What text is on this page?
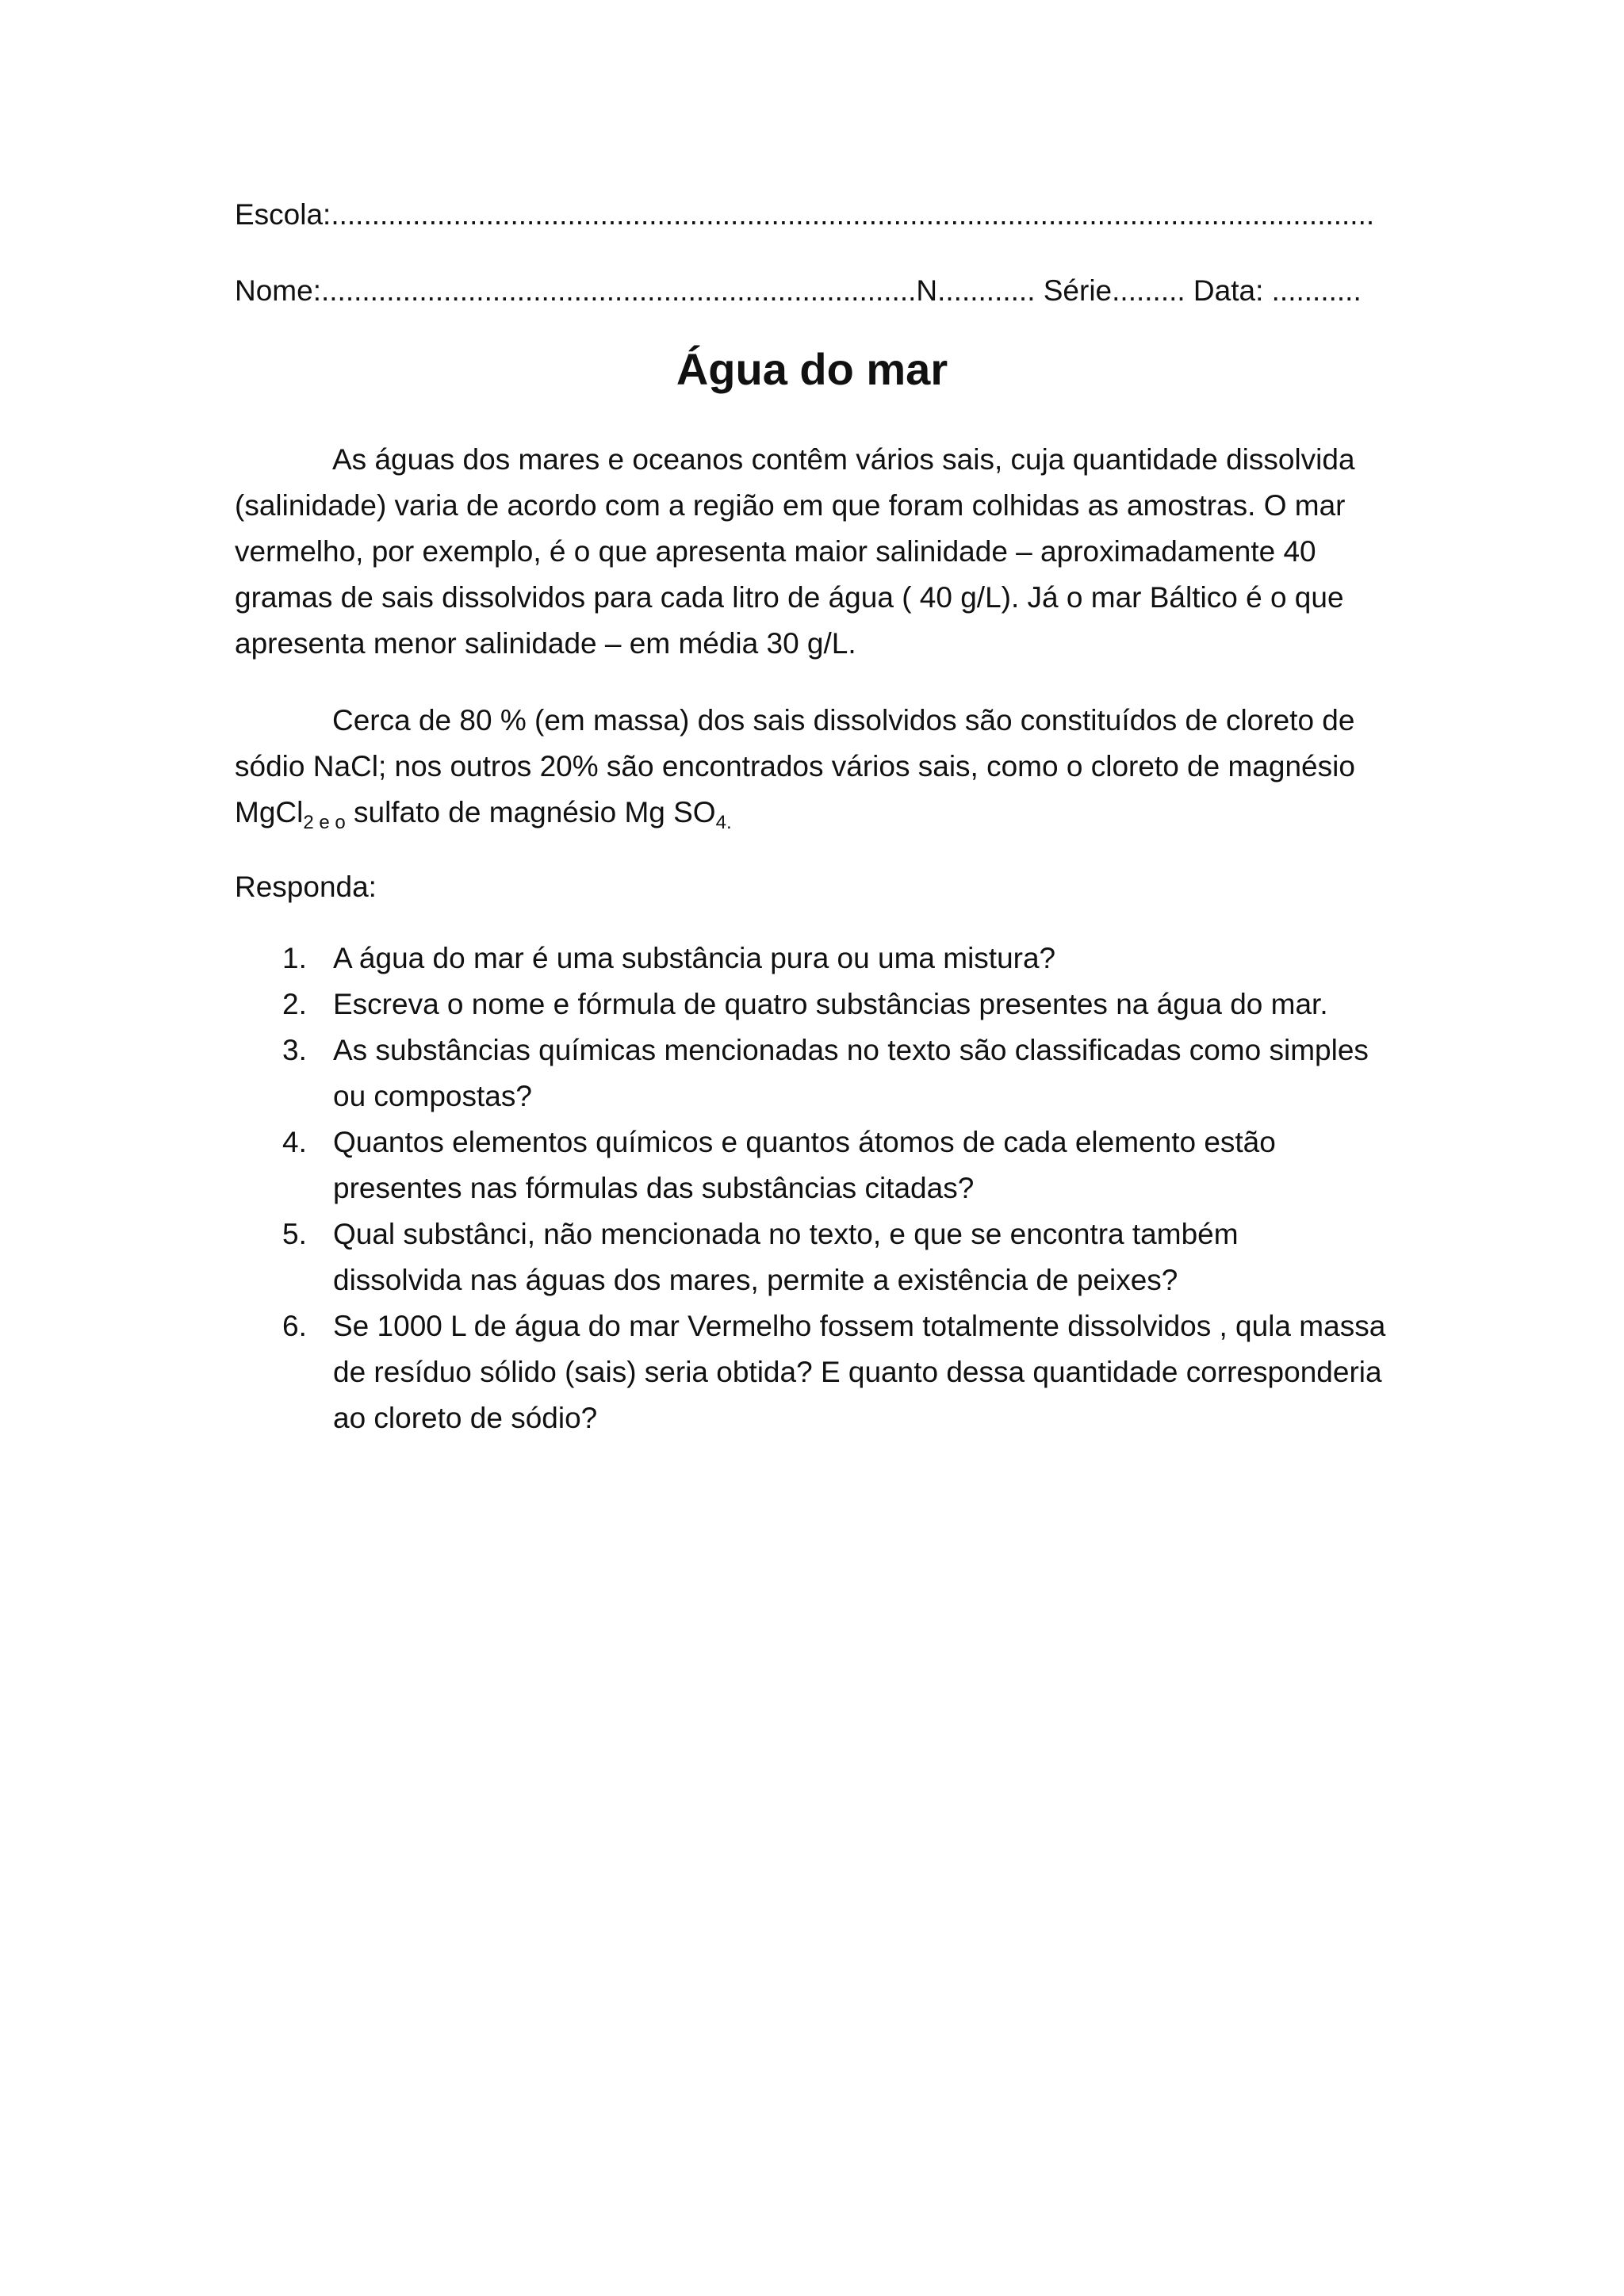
Escola:................................................................................................................................
Nome:.........................................................................N............ Série......... Data: ...........
Água do mar
As águas dos mares e oceanos contêm vários sais, cuja quantidade dissolvida
(salinidade) varia de acordo com a região em que foram colhidas as amostras. O mar
vermelho, por exemplo, é o que apresenta maior salinidade – aproximadamente 40
gramas de sais dissolvidos para cada litro de água ( 40 g/L). Já o mar Báltico é o que
apresenta menor salinidade – em média 30 g/L.
Cerca de 80 % (em massa) dos sais dissolvidos são constituídos de cloreto de
sódio NaCl; nos outros 20% são encontrados vários sais, como o cloreto de magnésio
MgCl$_{2 e o}$ sulfato de magnésio Mg $SO_{4.}$
Responda:
1. A água do mar é uma substância pura ou uma mistura?
2. Escreva o nome e fórmula de quatro substâncias presentes na água do mar.
3. As substâncias químicas mencionadas no texto são classificadas como simples
ou compostas?
4. Quantos elementos químicos e quantos átomos de cada elemento estão
presentes nas fórmulas das substâncias citadas?
5. Qual substânci, não mencionada no texto, e que se encontra também
dissolvida nas águas dos mares, permite a existência de peixes?
6. Se 1000 L de água do mar Vermelho fossem totalmente dissolvidos , qula massa
de resíduo sólido (sais) seria obtida? E quanto dessa quantidade corresponderia
ao cloreto de sódio?
